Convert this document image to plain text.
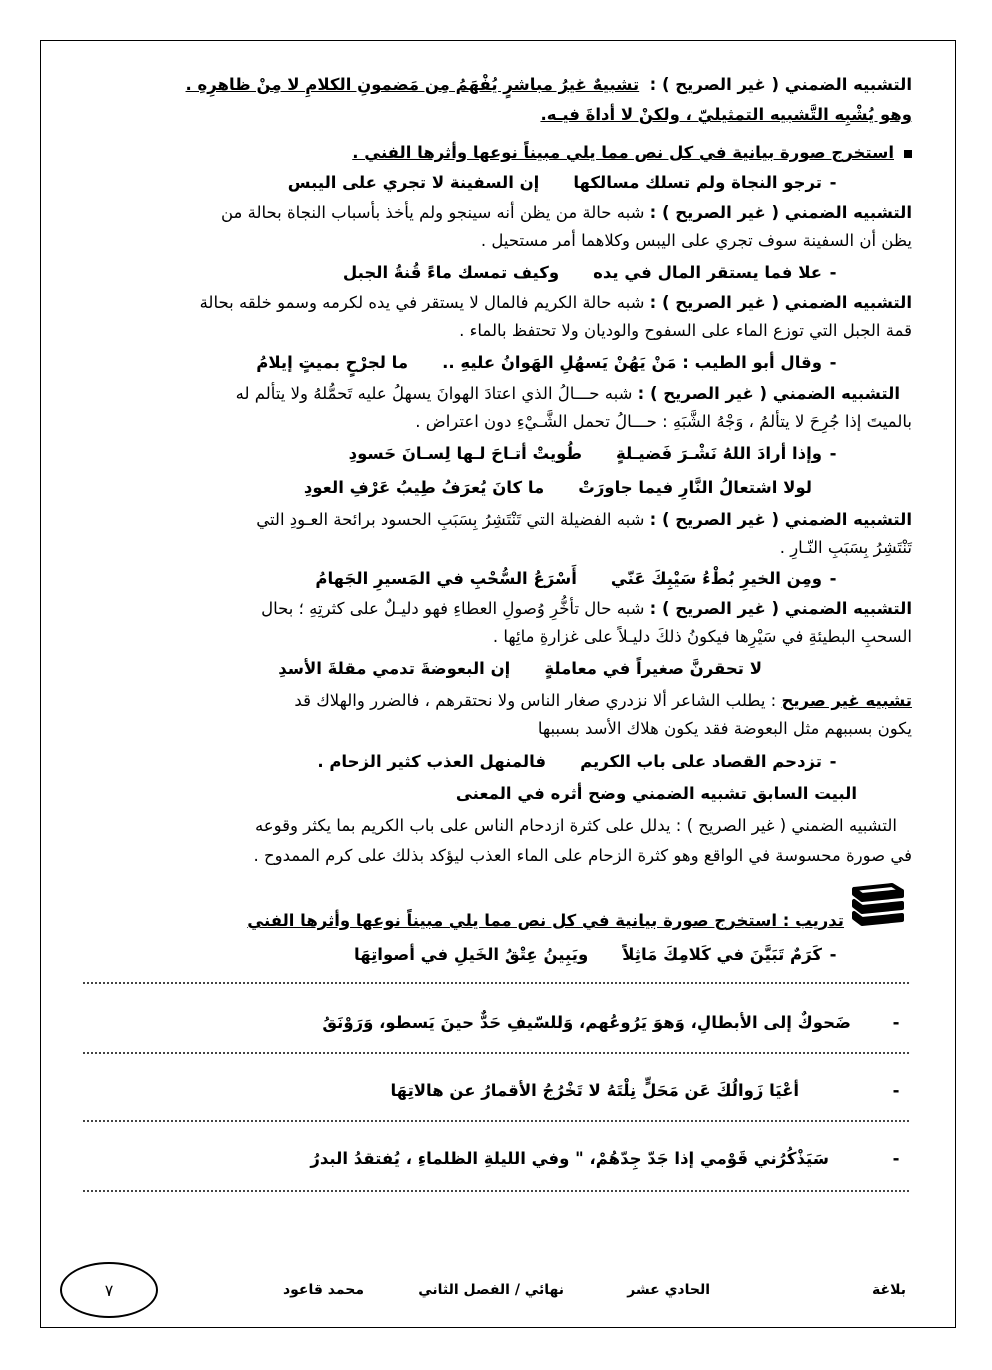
التشبيه الضمني ( غير الصريح ) :  تشبيهٌ غيرُ مباشرٍ يُفْهَمُ مِن مَضمونِ الكلامِ لا مِنْ ظاهرِهِ .
وهو يُشْبِه التَّشبيه التمثيليّ ، ولكنْ لا أداةَ فيـه.
استخرج صورة بيانية في كل نص مما يلي مبيناً نوعها وأثرها الفني .
-ترجو النجاة ولم تسلك مسالكهاإن السفينة لا تجري على اليبس
التشبيه الضمني ( غير الصريح ) : شبه حالة من يظن أنه سينجو ولم يأخذ بأسباب النجاة بحالة من
يظن أن السفينة سوف تجري على اليبس وكلاهما أمر مستحيل .
-علا فما يستقر المال في يدهوكيف تمسك ماءً قُنةُ الجبل
التشبيه الضمني ( غير الصريح ) : شبه حالة الكريم فالمال لا يستقر في يده لكرمه وسمو خلقه بحالة
قمة الجبل التي توزع الماء على السفوح والوديان ولا تحتفظ بالماء .
-وقال أبو الطيب : مَنْ يَهُنْ يَسهُلِ الهَوانُ عليهِ ..ما لجرْحٍ بميتٍ إيلامُ
التشبيه الضمني ( غير الصريح ) : شبه حـــالُ الذي اعتادَ الهوانَ يسهلُ عليه تَحمُّلهُ ولا يتألم له
بالميتَ إذا جُرِحَ لا يتألمُ ، وَجْهُ الشَّبَهِ : حـــالُ تحمل الشَّـيْءِ دون اعتراض .
-وإذا أرادَ اللهُ نَشْـرَ فَضيـلةٍطُويتْ أتـاحَ لـها لِسـانَ حَسودِ
لولا اشتعالُ النَّارِ فيما جاورَتْما كانَ يُعرَفُ طِيبُ عَرْفِ العودِ
التشبيه الضمني ( غير الصريح ) : شبه الفضيلة التي تَنْتَشِرُ بِسَبَبِ الحسود برائحة العـودِ التي
تَنْتَشِرُ بِسَبَبِ النّـارِ .
-ومِن الخيرِ بُطْءُ سَيْبِكَ عَنّيأَسْرَعُ السُّحْبِ في المَسيرِ الجَهامُ
التشبيه الضمني ( غير الصريح ) : شبه حال تأخُّرِ وُصولِ العطاءِ فهو دليـلٌ على كثرتِهِ ؛ بحال
السحبِ البطيئةِ في سَيْرِها فيكونُ ذلكَ دليـلاً على غزارةِ مائِها .
لا تحقرنَّ صغيراً في معاملةٍإن البعوضةَ تدمي مقلةَ الأسدِ
تشبيه غير صريح : يطلب الشاعر ألا نزدري صغار الناس ولا نحتقرهم ، فالضرر والهلاك قد
يكون بسببهم مثل البعوضة فقد يكون هلاك الأسد بسببها
-تزدحم القصاد على باب الكريمفالمنهل العذب كثير الزحام .
البيت السابق تشبيه الضمني وضح أثره في المعنى
التشبيه الضمني ( غير الصريح ) : يدلل على كثرة ازدحام الناس على باب الكريم بما يكثر وقوعه
في صورة محسوسة في الواقع وهو كثرة الزحام على الماء العذب ليؤكد بذلك على كرم الممدوح .
تدريب : استخرج صورة بيانية في كل نص مما يلي مبيناً نوعها وأثرها الفني
-كَرَمٌ تَبَيَّنَ في كَلامِكَ مَاثِلاًويَبِينُ عِتْقُ الخَيلِ في أصواتِهَا
-ضَحوكٌ إلى الأبطالِ، وَهوَ يَرُوعُهم، وَللسّيفِ حَدٌّ حينَ يَسطو، وَرَوْنَقُ
-أعْيَا زَوالُكَ عَن مَحَلٍّ نِلْتَهُ لا تَخْرُجُ الأقمارُ عن هالاتِهَا
-سَيَذْكُرُني قَوْمي إذا جَدّ جِدّهُمْ، " وفي الليلةِ الظلماءِ ، يُفتقدُ البدرُ
بلاغة
الحادي عشر
نهائي / الفصل الثاني
محمد قاعود
٧
